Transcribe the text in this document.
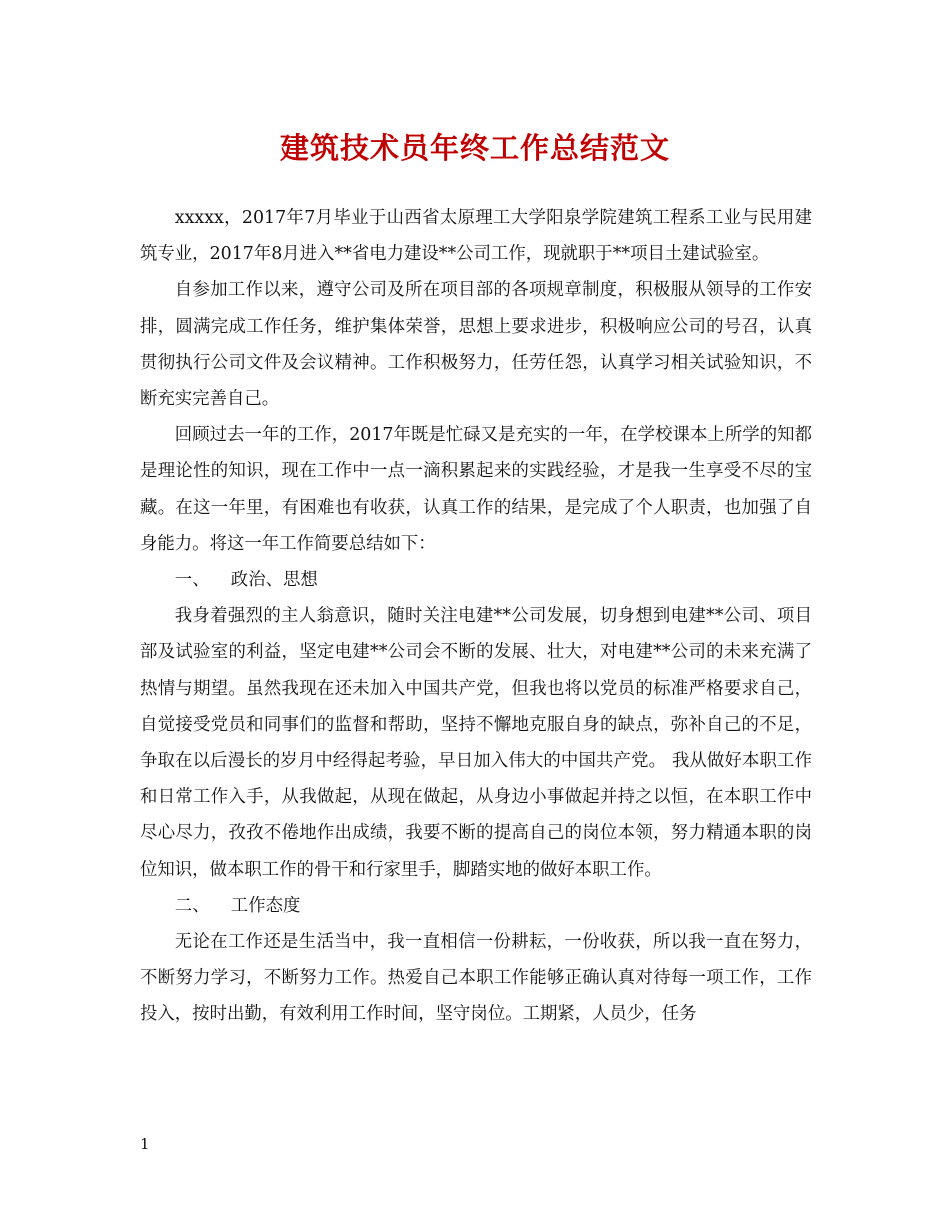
建筑技术员年终工作总结范文

xxxxx，2017年7月毕业于山西省太原理工大学阳泉学院建筑工程系工业与民用建筑专业，2017年8月进入**省电力建设**公司工作，现就职于**项目土建试验室。

自参加工作以来，遵守公司及所在项目部的各项规章制度，积极服从领导的工作安排，圆满完成工作任务，维护集体荣誉，思想上要求进步，积极响应公司的号召，认真贯彻执行公司文件及会议精神。工作积极努力，任劳任怨，认真学习相关试验知识，不断充实完善自己。

回顾过去一年的工作，2017年既是忙碌又是充实的一年，在学校课本上所学的知都是理论性的知识，现在工作中一点一滴积累起来的实践经验，才是我一生享受不尽的宝藏。在这一年里，有困难也有收获，认真工作的结果，是完成了个人职责，也加强了自身能力。将这一年工作简要总结如下：

一、 政治、思想

我身着强烈的主人翁意识，随时关注电建**公司发展，切身想到电建**公司、项目部及试验室的利益，坚定电建**公司会不断的发展、壮大，对电建**公司的未来充满了热情与期望。虽然我现在还未加入中国共产党，但我也将以党员的标准严格要求自己，自觉接受党员和同事们的监督和帮助，坚持不懈地克服自身的缺点，弥补自己的不足，争取在以后漫长的岁月中经得起考验，早日加入伟大的中国共产党。 我从做好本职工作和日常工作入手，从我做起，从现在做起，从身边小事做起并持之以恒，在本职工作中尽心尽力，孜孜不倦地作出成绩，我要不断的提高自己的岗位本领，努力精通本职的岗位知识，做本职工作的骨干和行家里手，脚踏实地的做好本职工作。

二、 工作态度

无论在工作还是生活当中，我一直相信一份耕耘，一份收获，所以我一直在努力，不断努力学习，不断努力工作。热爱自己本职工作能够正确认真对待每一项工作，工作投入，按时出勤，有效利用工作时间，坚守岗位。工期紧，人员少，任务

1
